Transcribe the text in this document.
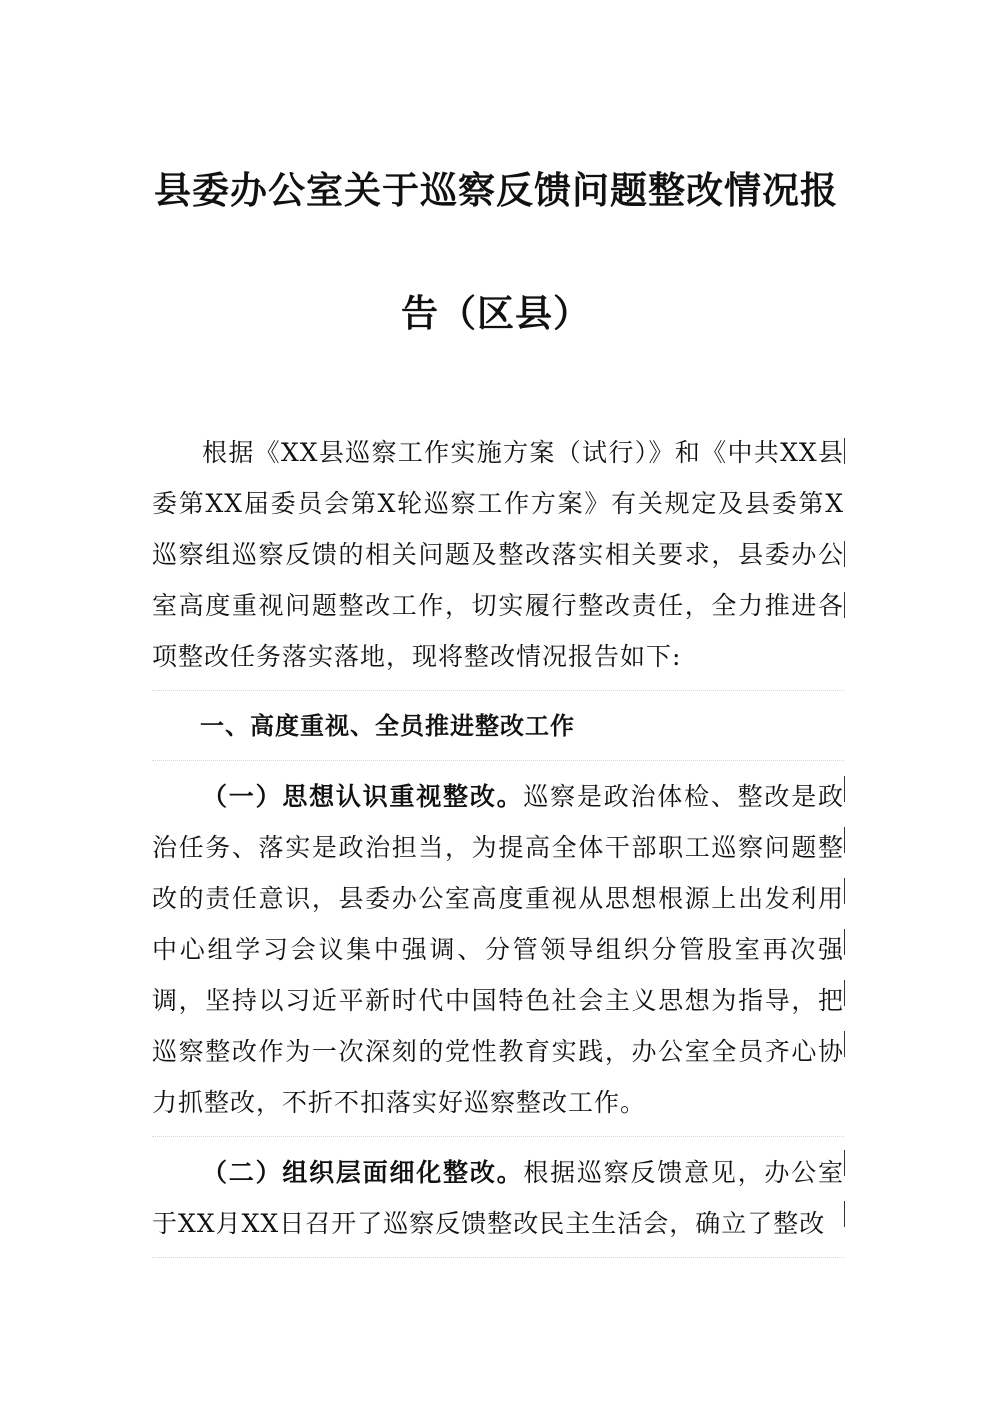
县委办公室关于巡察反馈问题整改情况报
告（区县）

根据《XX县巡察工作实施方案（试行）》和《中共XX县委第XX届委员会第X轮巡察工作方案》有关规定及县委第X巡察组巡察反馈的相关问题及整改落实相关要求，县委办公室高度重视问题整改工作，切实履行整改责任，全力推进各项整改任务落实落地，现将整改情况报告如下:

一、高度重视、全员推进整改工作

（一）思想认识重视整改。巡察是政治体检、整改是政治任务、落实是政治担当，为提高全体干部职工巡察问题整改的责任意识，县委办公室高度重视从思想根源上出发利用中心组学习会议集中强调、分管领导组织分管股室再次强调，坚持以习近平新时代中国特色社会主义思想为指导，把巡察整改作为一次深刻的党性教育实践，办公室全员齐心协力抓整改，不折不扣落实好巡察整改工作。

（二）组织层面细化整改。根据巡察反馈意见，办公室于XX月XX日召开了巡察反馈整改民主生活会，确立了整改
